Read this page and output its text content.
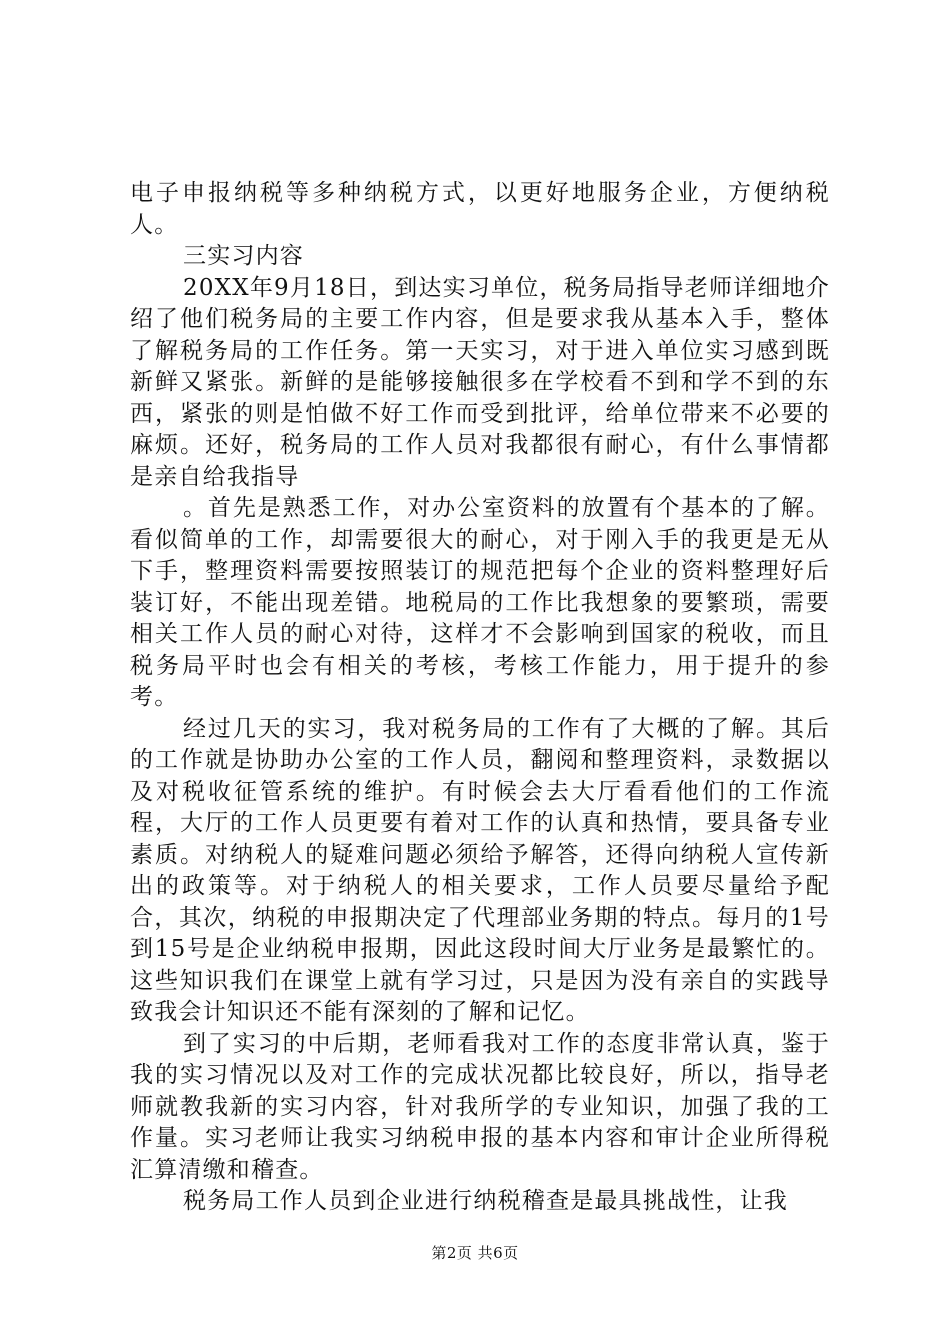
电子申报纳税等多种纳税方式，以更好地服务企业，方便纳税人。

三实习内容

20XX年9月18日，到达实习单位，税务局指导老师详细地介绍了他们税务局的主要工作内容，但是要求我从基本入手，整体了解税务局的工作任务。第一天实习，对于进入单位实习感到既新鲜又紧张。新鲜的是能够接触很多在学校看不到和学不到的东西，紧张的则是怕做不好工作而受到批评，给单位带来不必要的麻烦。还好，税务局的工作人员对我都很有耐心，有什么事情都是亲自给我指导

。首先是熟悉工作，对办公室资料的放置有个基本的了解。看似简单的工作，却需要很大的耐心，对于刚入手的我更是无从下手，整理资料需要按照装订的规范把每个企业的资料整理好后装订好，不能出现差错。地税局的工作比我想象的要繁琐，需要相关工作人员的耐心对待，这样才不会影响到国家的税收，而且税务局平时也会有相关的考核，考核工作能力，用于提升的参考。

经过几天的实习，我对税务局的工作有了大概的了解。其后的工作就是协助办公室的工作人员，翻阅和整理资料，录数据以及对税收征管系统的维护。有时候会去大厅看看他们的工作流程，大厅的工作人员更要有着对工作的认真和热情，要具备专业素质。对纳税人的疑难问题必须给予解答，还得向纳税人宣传新出的政策等。对于纳税人的相关要求，工作人员要尽量给予配合，其次，纳税的申报期决定了代理部业务期的特点。每月的1号到15号是企业纳税申报期，因此这段时间大厅业务是最繁忙的。这些知识我们在课堂上就有学习过，只是因为没有亲自的实践导致我会计知识还不能有深刻的了解和记忆。

到了实习的中后期，老师看我对工作的态度非常认真，鉴于我的实习情况以及对工作的完成状况都比较良好，所以，指导老师就教我新的实习内容，针对我所学的专业知识，加强了我的工作量。实习老师让我实习纳税申报的基本内容和审计企业所得税汇算清缴和稽查。

税务局工作人员到企业进行纳税稽查是最具挑战性，让我

第2页 共6页
